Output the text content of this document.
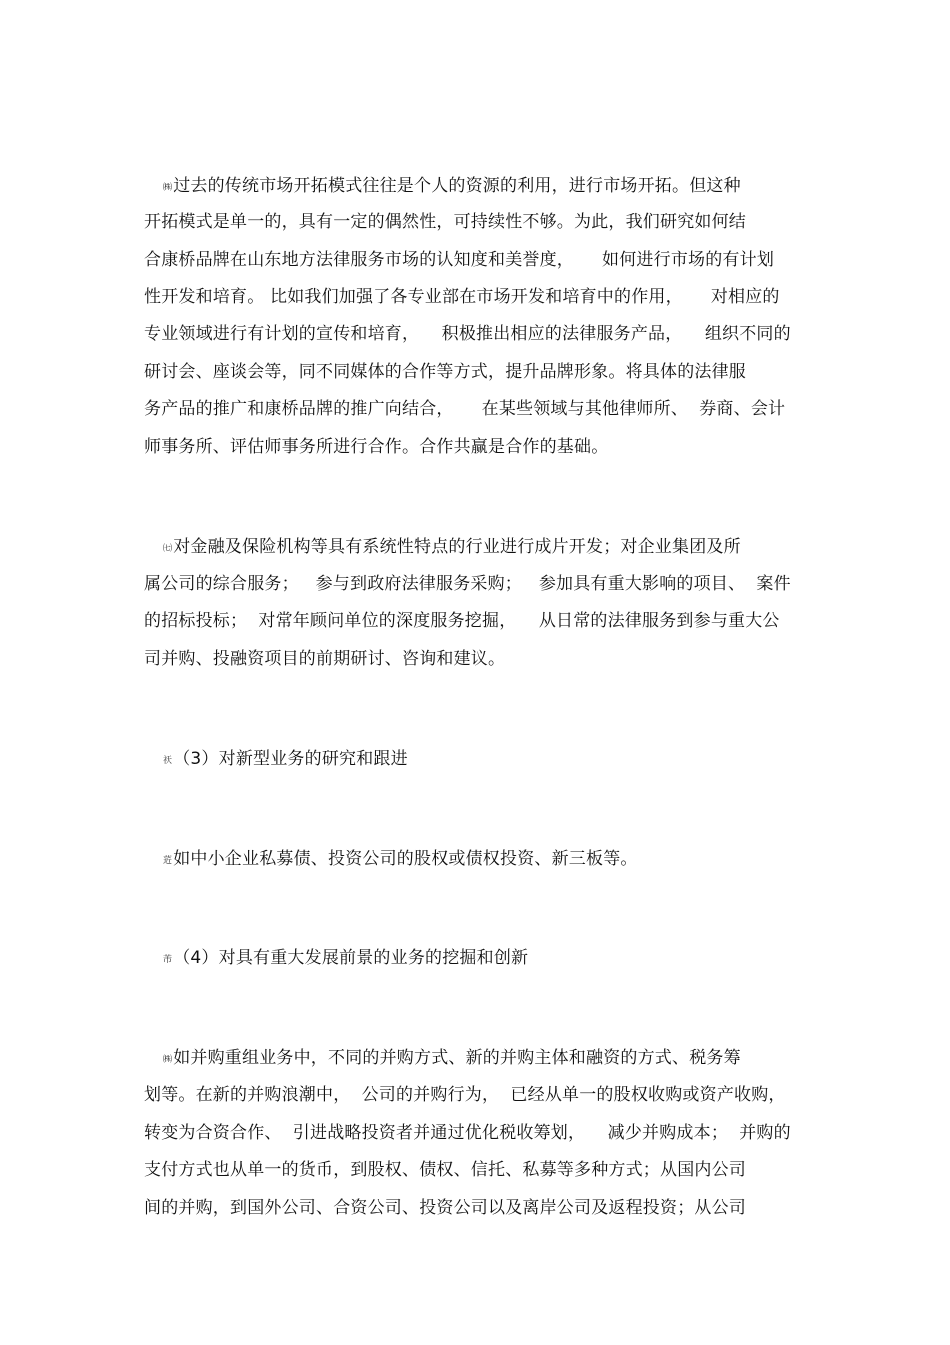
㈱过去的传统市场开拓模式往往是个人的资源的利用，进行市场开拓。但这种
开拓模式是单一的，具有一定的偶然性，可持续性不够。为此，我们研究如何结
合康桥品牌在山东地方法律服务市场的认知度和美誉度，     如何进行市场的有计划
性开发和培育。 比如我们加强了各专业部在市场开发和培育中的作用，     对相应的
专业领域进行有计划的宣传和培育，    积极推出相应的法律服务产品，    组织不同的
研讨会、座谈会等，同不同媒体的合作等方式，提升品牌形象。将具体的法律服
务产品的推广和康桥品牌的推广向结合，     在某些领域与其他律师所、  券商、会计
师事务所、评估师事务所进行合作。合作共赢是合作的基础。
㈦对金融及保险机构等具有系统性特点的行业进行成片开发；对企业集团及所
属公司的综合服务；   参与到政府法律服务采购；   参加具有重大影响的项目、  案件
的招标投标；  对常年顾问单位的深度服务挖掘，    从日常的法律服务到参与重大公
司并购、投融资项目的前期研讨、咨询和建议。
祆（3）对新型业务的研究和跟进
菦如中小企业私募债、投资公司的股权或债权投资、新三板等。
芾（4）对具有重大发展前景的业务的挖掘和创新
㈱如并购重组业务中，不同的并购方式、新的并购主体和融资的方式、税务筹
划等。在新的并购浪潮中，  公司的并购行为，  已经从单一的股权收购或资产收购，
转变为合资合作、  引进战略投资者并通过优化税收筹划，    减少并购成本；  并购的
支付方式也从单一的货币，到股权、债权、信托、私募等多种方式；从国内公司
间的并购，到国外公司、合资公司、投资公司以及离岸公司及返程投资；从公司
